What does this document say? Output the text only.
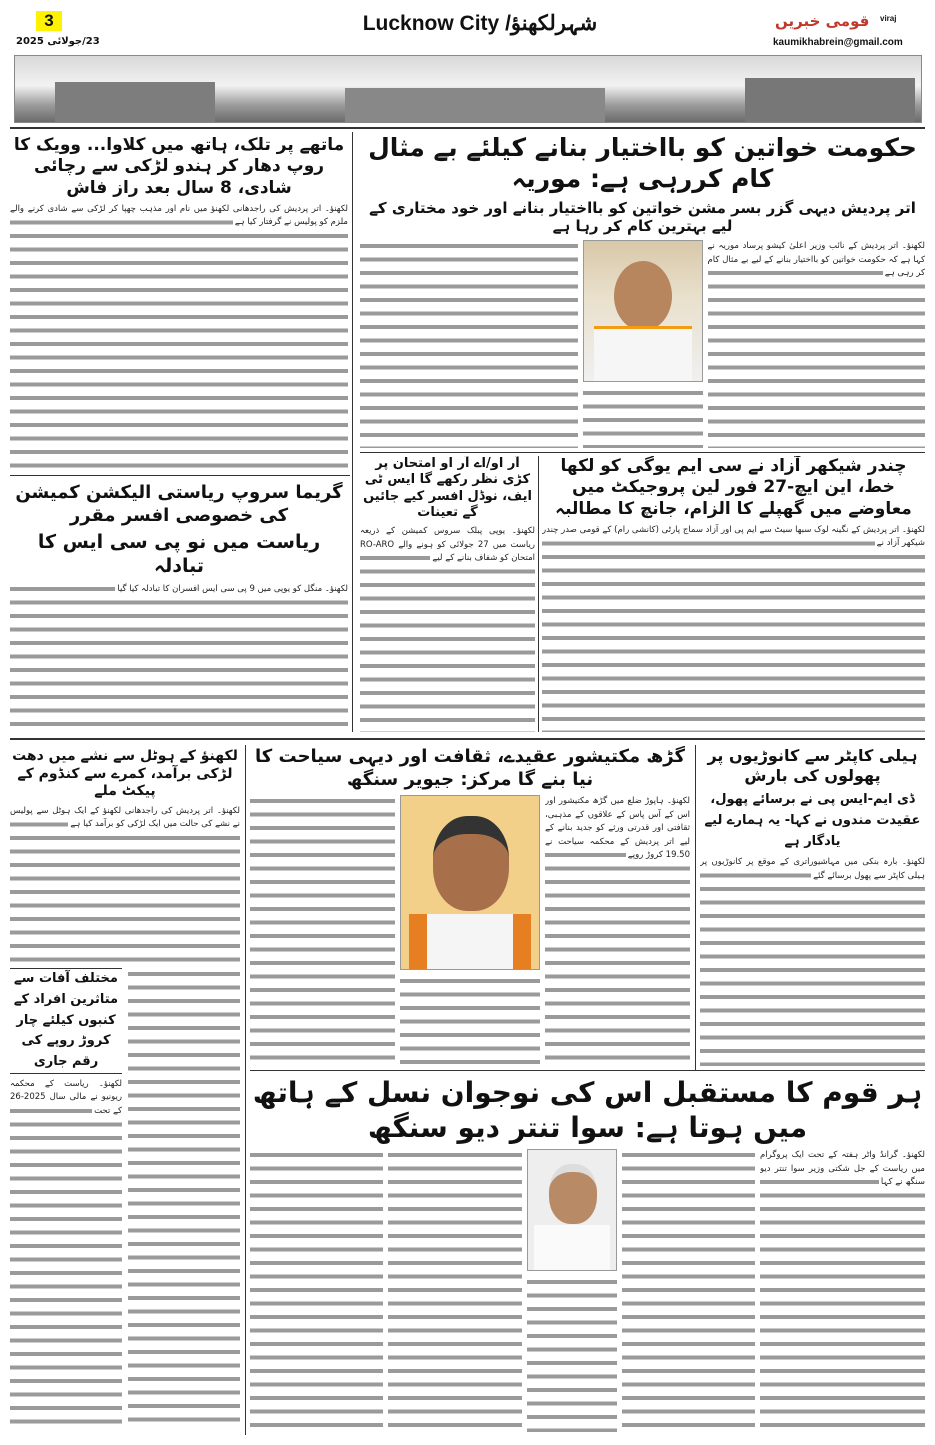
3
23/جولائی 2025
Lucknow City /شہرلکھنؤ	قومی خبریں viraj
kaumikhabrein@gmail.com
حکومت خواتین کو بااختیار بنانے کیلئے بے مثال کام کررہی ہے: موریہ
اتر پردیش دیہی گزر بسر مشن خواتین کو بااختیار بنانے اور خود مختاری کے لیے بہترین کام کر رہا ہے
لکھنؤ۔ اتر پردیش کے نائب وزیر اعلیٰ کیشو پرساد موریہ نے کہا ہے کہ حکومت خواتین کو بااختیار بنانے کے لیے بے مثال کام کر رہی ہے
آر او/اے آر او امتحان پر کڑی نظر رکھے گا ایس ٹی ایف، نوڈل افسر کیے جائیں گے تعینات
لکھنؤ۔ یوپی پبلک سروس کمیشن کے ذریعہ ریاست میں 27 جولائی کو ہونے والے RO-ARO امتحان کو شفاف بنانے کے لیے
چندر شیکھر آزاد نے سی ایم یوگی کو لکھا خط، این ایچ-27 فور لین پروجیکٹ میں معاوضے میں گھپلے کا الزام، جانچ کا مطالبہ
لکھنؤ۔ اتر پردیش کے نگینہ لوک سبھا سیٹ سے ایم پی اور آزاد سماج پارٹی (کانشی رام) کے قومی صدر چندر شیکھر آزاد نے
ماتھے پر تلک، ہاتھ میں کلاوا... وویک کا روپ دھار کر ہندو لڑکی سے رچائی شادی، 8 سال بعد راز فاش
لکھنؤ۔ اتر پردیش کی راجدھانی لکھنؤ میں نام اور مذہب چھپا کر لڑکی سے شادی کرنے والے ملزم کو پولیس نے گرفتار کیا ہے
گریما سروپ ریاستی الیکشن کمیشن کی خصوصی افسر مقرر
ریاست میں نو پی سی ایس کا تبادلہ
لکھنؤ۔ منگل کو یوپی میں 9 پی سی ایس افسران کا تبادلہ کیا گیا
لکھنؤ کے ہوٹل سے نشے میں دھت لڑکی برآمد، کمرے سے کنڈوم کے پیکٹ ملے
لکھنؤ۔ اتر پردیش کی راجدھانی لکھنؤ کے ایک ہوٹل سے پولیس نے نشے کی حالت میں ایک لڑکی کو برآمد کیا ہے
مختلف آفات سے متاثرین افراد کے کنبوں کیلئے چار کروڑ روپے کی رقم جاری
لکھنؤ۔ ریاست کے محکمہ ریونیو نے مالی سال 2025-26 کے تحت
گڑھ مکتیشور عقیدے، ثقافت اور دیہی سیاحت کا نیا بنے گا مرکز: جیویر سنگھ
لکھنؤ۔ ہاپوڑ ضلع میں گڑھ مکتیشور اور اس کے آس پاس کے علاقوں کے مذہبی، ثقافتی اور قدرتی ورثے کو جدید بنانے کے لیے اتر پردیش کے محکمہ سیاحت نے 19.50 کروڑ روپے
ہیلی کاپٹر سے کانوڑیوں پر پھولوں کی بارش
ڈی ایم-ایس پی نے برسائے پھول، عقیدت مندوں نے کہا- یہ ہمارے لیے یادگار ہے
لکھنؤ۔ بارہ بنکی میں مہاشیوراتری کے موقع پر کانوڑیوں پر ہیلی کاپٹر سے پھول برسائے گئے
ہر قوم کا مستقبل اس کی نوجوان نسل کے ہاتھ میں ہوتا ہے: سوا تنتر دیو سنگھ
لکھنؤ۔ گرانڈ واٹر ہفتہ کے تحت ایک پروگرام میں ریاست کے جل شکتی وزیر سوا تنتر دیو سنگھ نے کہا
